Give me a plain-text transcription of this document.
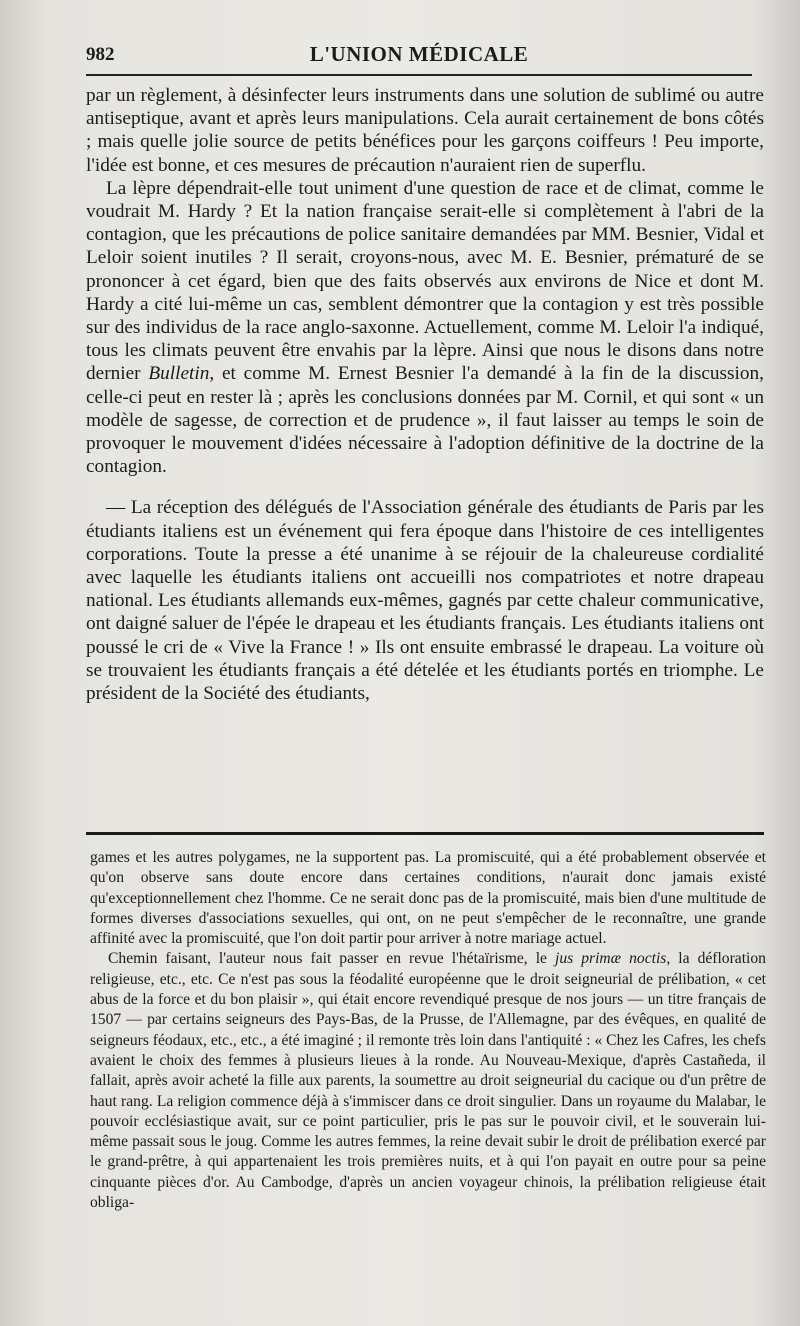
982	L'UNION MÉDICALE

par un règlement, à désinfecter leurs instruments dans une solution de sublimé ou autre antiseptique, avant et après leurs manipulations. Cela aurait certainement de bons côtés ; mais quelle jolie source de petits bénéfices pour les garçons coiffeurs ! Peu importe, l'idée est bonne, et ces mesures de précaution n'auraient rien de superflu.

La lèpre dépendrait-elle tout uniment d'une question de race et de climat, comme le voudrait M. Hardy ? Et la nation française serait-elle si complètement à l'abri de la contagion, que les précautions de police sanitaire demandées par MM. Besnier, Vidal et Leloir soient inutiles ? Il serait, croyons-nous, avec M. E. Besnier, prématuré de se prononcer à cet égard, bien que des faits observés aux environs de Nice et dont M. Hardy a cité lui-même un cas, semblent démontrer que la contagion y est très possible sur des individus de la race anglo-saxonne. Actuellement, comme M. Leloir l'a indiqué, tous les climats peuvent être envahis par la lèpre. Ainsi que nous le disons dans notre dernier Bulletin, et comme M. Ernest Besnier l'a demandé à la fin de la discussion, celle-ci peut en rester là ; après les conclusions données par M. Cornil, et qui sont « un modèle de sagesse, de correction et de prudence », il faut laisser au temps le soin de provoquer le mouvement d'idées nécessaire à l'adoption définitive de la doctrine de la contagion.

— La réception des délégués de l'Association générale des étudiants de Paris par les étudiants italiens est un événement qui fera époque dans l'histoire de ces intelligentes corporations. Toute la presse a été unanime à se réjouir de la chaleureuse cordialité avec laquelle les étudiants italiens ont accueilli nos compatriotes et notre drapeau national. Les étudiants allemands eux-mêmes, gagnés par cette chaleur communicative, ont daigné saluer de l'épée le drapeau et les étudiants français. Les étudiants italiens ont poussé le cri de « Vive la France ! » Ils ont ensuite embrassé le drapeau. La voiture où se trouvaient les étudiants français a été dételée et les étudiants portés en triomphe. Le président de la Société des étudiants,

games et les autres polygames, ne la supportent pas. La promiscuité, qui a été probablement observée et qu'on observe sans doute encore dans certaines conditions, n'aurait donc jamais existé qu'exceptionnellement chez l'homme. Ce ne serait donc pas de la promiscuité, mais bien d'une multitude de formes diverses d'associations sexuelles, qui ont, on ne peut s'empêcher de le reconnaître, une grande affinité avec la promiscuité, que l'on doit partir pour arriver à notre mariage actuel.

Chemin faisant, l'auteur nous fait passer en revue l'hétaïrisme, le jus primæ noctis, la défloration religieuse, etc., etc. Ce n'est pas sous la féodalité européenne que le droit seigneurial de prélibation, « cet abus de la force et du bon plaisir », qui était encore revendiqué presque de nos jours — un titre français de 1507 — par certains seigneurs des Pays-Bas, de la Prusse, de l'Allemagne, par des évêques, en qualité de seigneurs féodaux, etc., etc., a été imaginé ; il remonte très loin dans l'antiquité : « Chez les Cafres, les chefs avaient le choix des femmes à plusieurs lieues à la ronde. Au Nouveau-Mexique, d'après Castañeda, il fallait, après avoir acheté la fille aux parents, la soumettre au droit seigneurial du cacique ou d'un prêtre de haut rang. La religion commence déjà à s'immiscer dans ce droit singulier. Dans un royaume du Malabar, le pouvoir ecclésiastique avait, sur ce point particulier, pris le pas sur le pouvoir civil, et le souverain lui-même passait sous le joug. Comme les autres femmes, la reine devait subir le droit de prélibation exercé par le grand-prêtre, à qui appartenaient les trois premières nuits, et à qui l'on payait en outre pour sa peine cinquante pièces d'or. Au Cambodge, d'après un ancien voyageur chinois, la prélibation religieuse était obliga-
